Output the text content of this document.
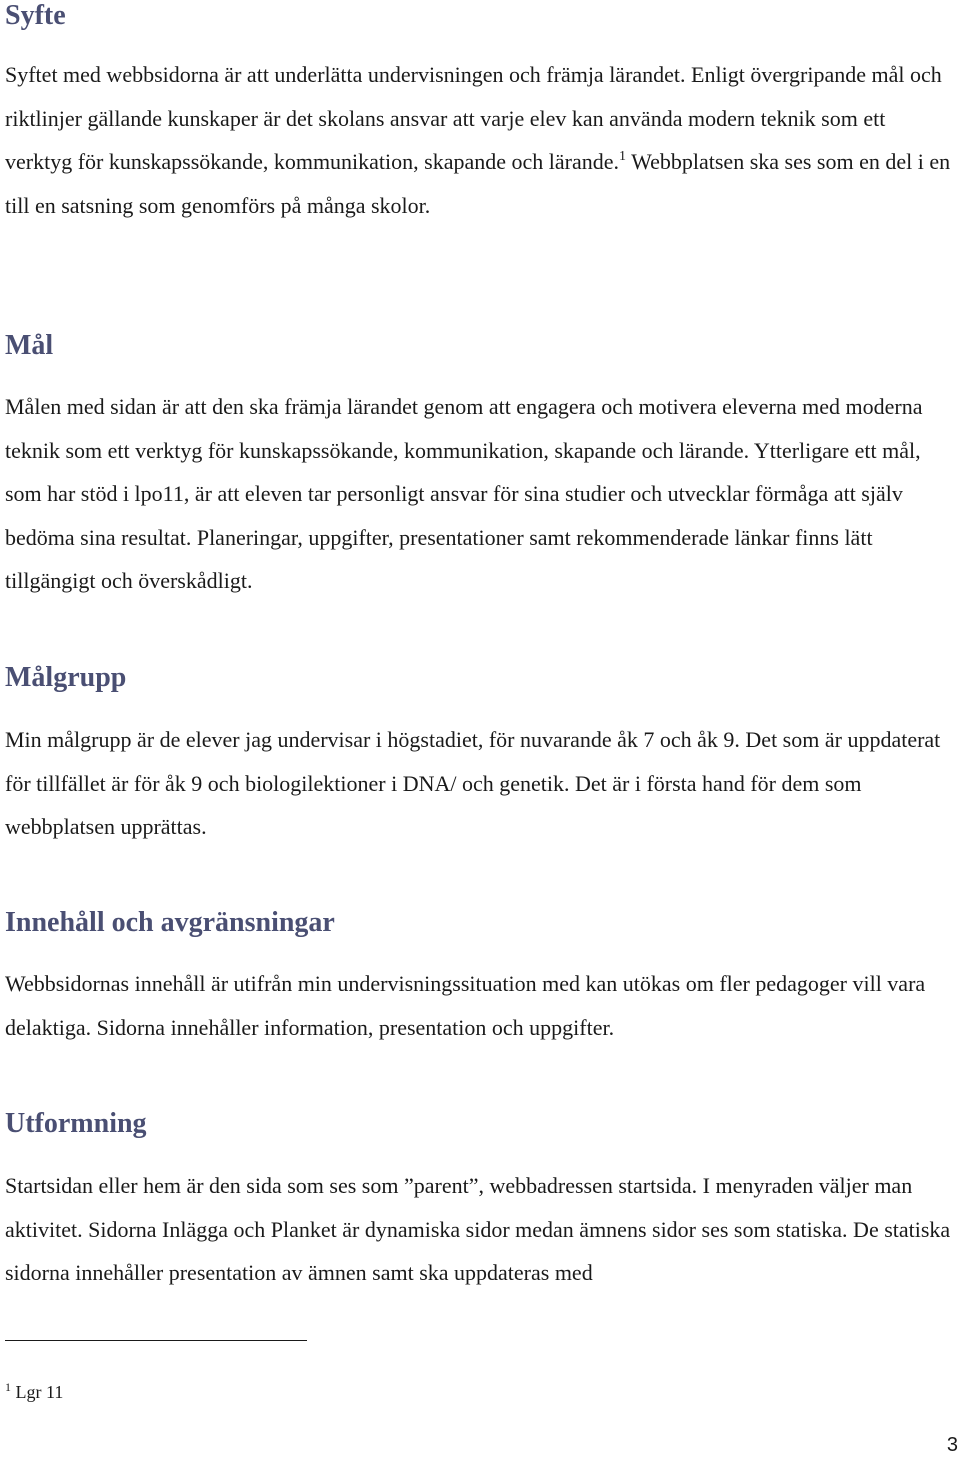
Syfte

Syftet med webbsidorna är att underlätta undervisningen och främja lärandet. Enligt övergripande mål och riktlinjer gällande kunskaper är det skolans ansvar att varje elev kan använda modern teknik som ett verktyg för kunskapssökande, kommunikation, skapande och lärande.$^1$ Webbplatsen ska ses som en del i en till en satsning som genomförs på många skolor.

Mål

Målen med sidan är att den ska främja lärandet genom att engagera och motivera eleverna med moderna teknik som ett verktyg för kunskapssökande, kommunikation, skapande och lärande. Ytterligare ett mål, som har stöd i lpo11, är att eleven tar personligt ansvar för sina studier och utvecklar förmåga att själv bedöma sina resultat. Planeringar, uppgifter, presentationer samt rekommenderade länkar finns lätt tillgängigt och överskådligt.

Målgrupp

Min målgrupp är de elever jag undervisar i högstadiet, för nuvarande åk 7 och åk 9. Det som är uppdaterat för tillfället är för åk 9 och biologilektioner i DNA/ och genetik. Det är i första hand för dem som webbplatsen upprättas.

Innehåll och avgränsningar

Webbsidornas innehåll är utifrån min undervisningssituation med kan utökas om fler pedagoger vill vara delaktiga. Sidorna innehåller information, presentation och uppgifter.

Utformning

Startsidan eller hem är den sida som ses som ”parent”, webbadressen startsida. I menyraden väljer man aktivitet. Sidorna Inlägga och Planket är dynamiska sidor medan ämnens sidor ses som statiska. De statiska sidorna innehåller presentation av ämnen samt ska uppdateras med

$^1$ Lgr 11
3
